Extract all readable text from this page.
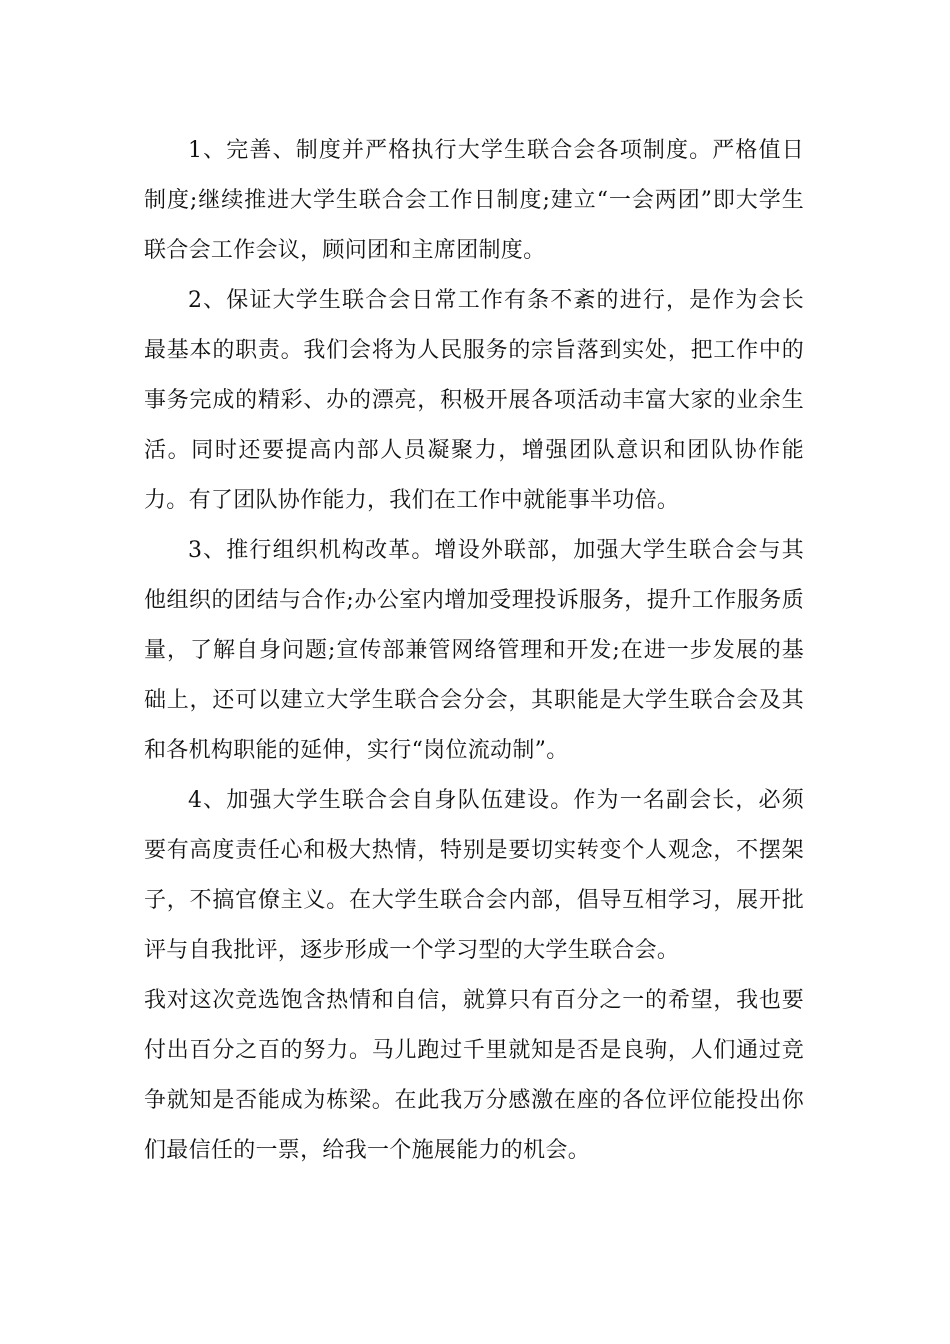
1、完善、制度并严格执行大学生联合会各项制度。严格值日制度;继续推进大学生联合会工作日制度;建立“一会两团”即大学生联合会工作会议，顾问团和主席团制度。

2、保证大学生联合会日常工作有条不紊的进行，是作为会长最基本的职责。我们会将为人民服务的宗旨落到实处，把工作中的事务完成的精彩、办的漂亮，积极开展各项活动丰富大家的业余生活。同时还要提高内部人员凝聚力，增强团队意识和团队协作能力。有了团队协作能力，我们在工作中就能事半功倍。

3、推行组织机构改革。增设外联部，加强大学生联合会与其他组织的团结与合作;办公室内增加受理投诉服务，提升工作服务质量，了解自身问题;宣传部兼管网络管理和开发;在进一步发展的基础上，还可以建立大学生联合会分会，其职能是大学生联合会及其和各机构职能的延伸，实行“岗位流动制”。

4、加强大学生联合会自身队伍建设。作为一名副会长，必须要有高度责任心和极大热情，特别是要切实转变个人观念，不摆架子，不搞官僚主义。在大学生联合会内部，倡导互相学习，展开批评与自我批评，逐步形成一个学习型的大学生联合会。

我对这次竞选饱含热情和自信，就算只有百分之一的希望，我也要付出百分之百的努力。马儿跑过千里就知是否是良驹，人们通过竞争就知是否能成为栋梁。在此我万分感激在座的各位评位能投出你们最信任的一票，给我一个施展能力的机会。
